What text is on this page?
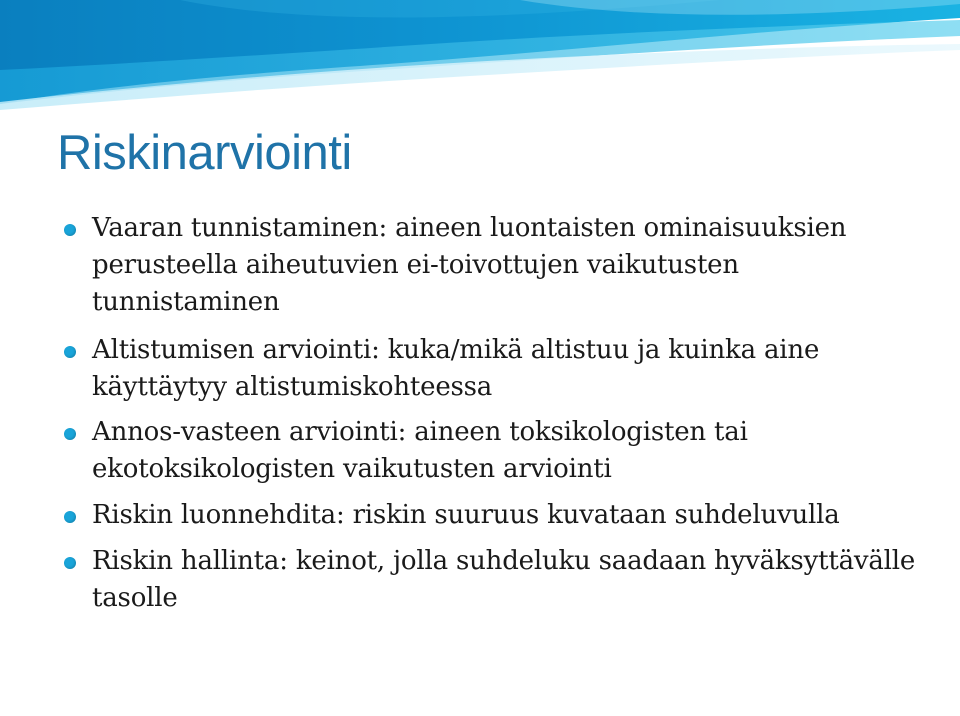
Riskinarviointi
Vaaran tunnistaminen: aineen luontaisten ominaisuuksien perusteella aiheutuvien ei-toivottujen vaikutusten tunnistaminen
Altistumisen arviointi: kuka/mikä altistuu ja kuinka aine käyttäytyy altistumiskohteessa
Annos-vasteen arviointi: aineen toksikologisten tai ekotoksikologisten vaikutusten arviointi
Riskin luonnehdita: riskin suuruus kuvataan suhdeluvulla
Riskin hallinta: keinot, jolla suhdeluku saadaan hyväksyttävälle tasolle
